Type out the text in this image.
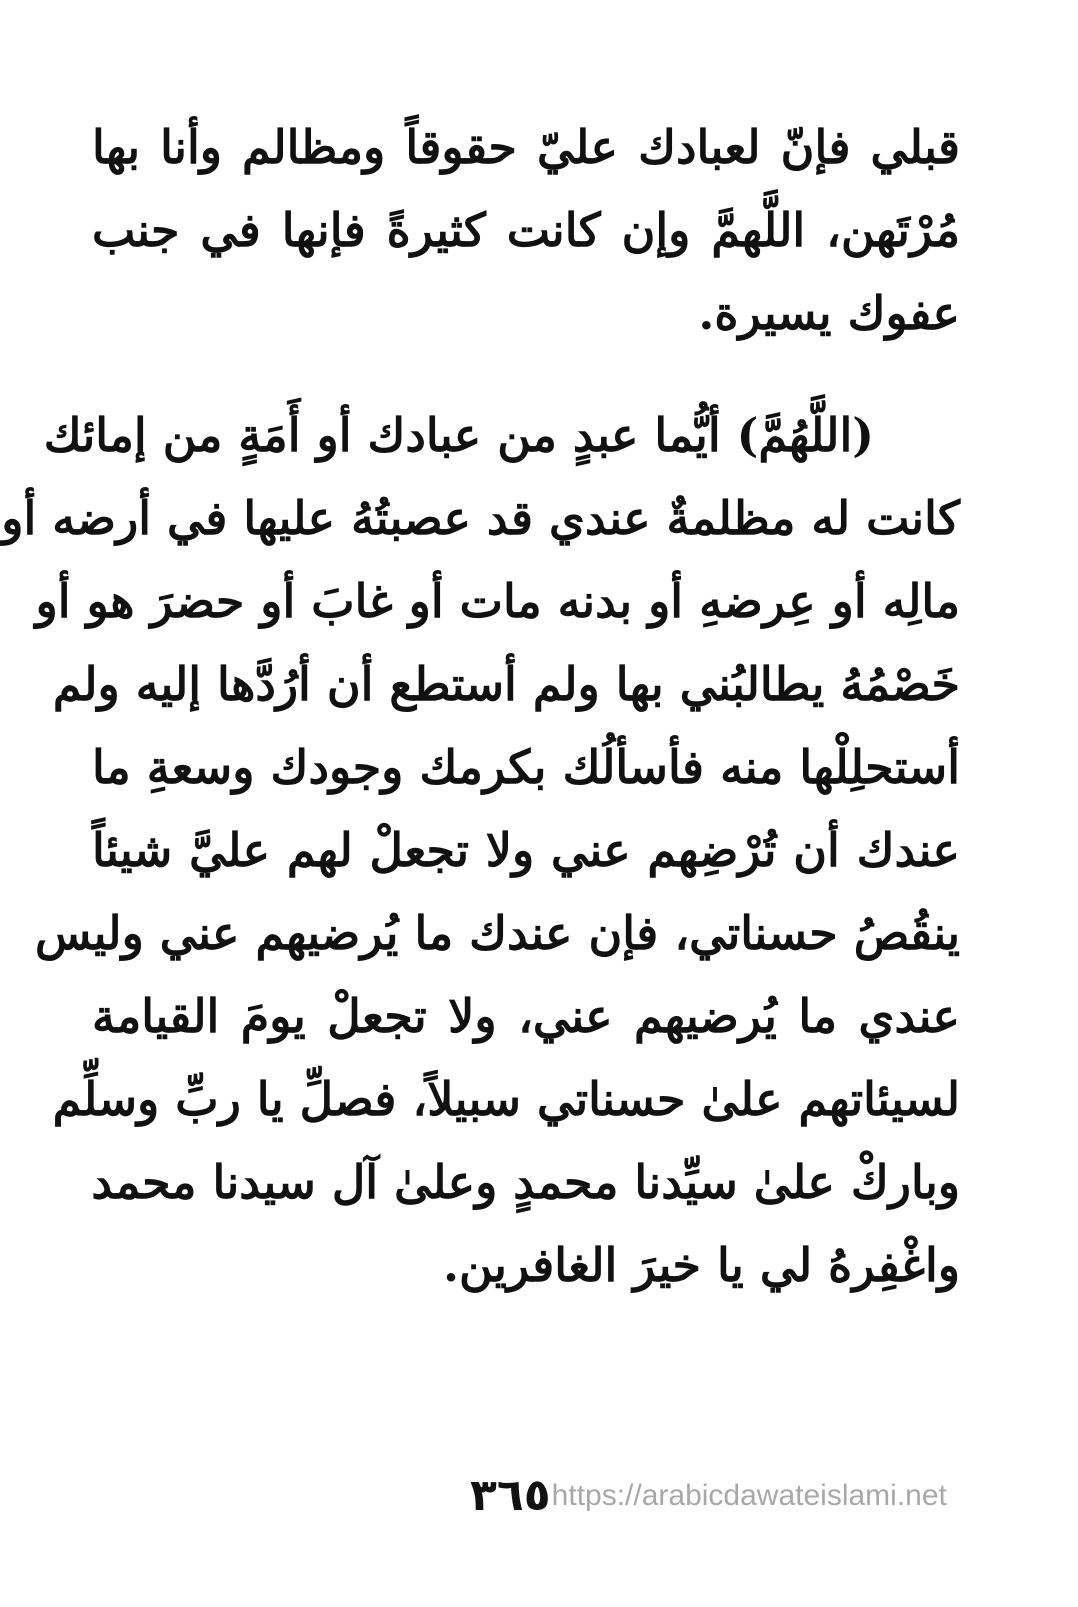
قبلي فإنّ لعبادك عليّ حقوقاً ومظالم وأنا بها
مُرْتَهن، اللَّهمَّ وإن كانت كثيرةً فإنها في جنب
عفوك يسيرة.
(اللَّهُمَّ) أيُّما عبدٍ من عبادك أو أَمَةٍ من إمائك
كانت له مظلمةٌ عندي قد عصبتُهُ عليها في أرضه أو
مالِه أو عِرضهِ أو بدنه مات أو غابَ أو حضرَ هو أو
خَصْمُهُ يطالبُني بها ولم أستطع أن أرُدَّها إليه ولم
أستحلِلْها منه فأسألُك بكرمك وجودك وسعةِ ما
عندك أن تُرْضِهم عني ولا تجعلْ لهم عليَّ شيئاً
ينقُصُ حسناتي، فإن عندك ما يُرضيهم عني وليس
عندي ما يُرضيهم عني، ولا تجعلْ يومَ القيامة
لسيئاتهم علىٰ حسناتي سبيلاً، فصلِّ يا ربِّ وسلِّم
وباركْ علىٰ سيِّدنا محمدٍ وعلىٰ آل سيدنا محمد
واغْفِرهُ لي يا خيرَ الغافرين.
٣٦٥ https://arabicdawateislami.net
